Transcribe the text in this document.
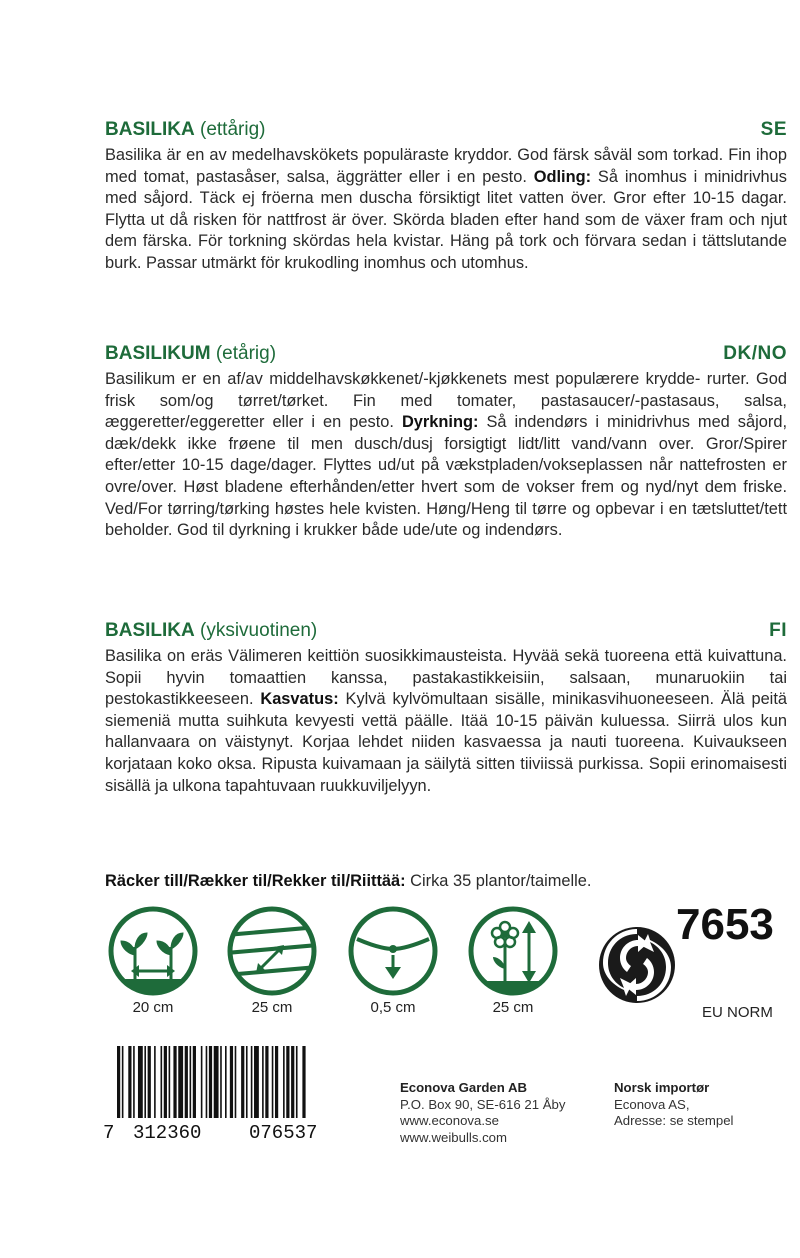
BASILIKA (ettårig)	SE
Basilika är en av medelhavskökets populäraste kryddor. God färsk såväl som torkad. Fin ihop med tomat, pastasåser, salsa, äggrätter eller i en pesto. Odling: Så inomhus i minidrivhus med såjord. Täck ej fröerna men duscha försiktigt litet vatten över. Gror efter 10-15 dagar. Flytta ut då risken för nattfrost är över. Skörda bladen efter hand som de växer fram och njut dem färska. För torkning skördas hela kvistar. Häng på tork och förvara sedan i tättslutande burk. Passar utmärkt för krukodling inomhus och utomhus.
BASILIKUM (etårig)	DK/NO
Basilikum er en af/av middelhavskøkkenet/-kjøkkenets mest populærere krydde- rurter. God frisk som/og tørret/tørket. Fin med tomater, pastasaucer/-pastasaus, salsa, æggeretter/eggeretter eller i en pesto. Dyrkning: Så indendørs i minidrivhus med såjord, dæk/dekk ikke frøene til men dusch/dusj forsigtigt lidt/litt vand/vann over. Gror/Spirer efter/etter 10-15 dage/dager. Flyttes ud/ut på vækstpladen/vokseplassen når nattefrosten er ovre/over. Høst bladene efterhånden/etter hvert som de vokser frem og nyd/nyt dem friske. Ved/For tørring/tørking høstes hele kvisten. Høng/Heng til tørre og opbevar i en tætsluttet/tett beholder. God til dyrkning i krukker både ude/ute og indendørs.
BASILIKA (yksivuotinen)	FI
Basilika on eräs Välimeren keittiön suosikkimausteista. Hyvää sekä tuoreena että kuivattuna. Sopii hyvin tomaattien kanssa, pastakastikkeisiin, salsaan, munaruokiin tai pestokastikkeeseen. Kasvatus: Kylvä kylvömultaan sisälle, minikasvihuoneeseen. Älä peitä siemeniä mutta suihkuta kevyesti vettä päälle. Itää 10-15 päivän kuluessa. Siirrä ulos kun hallanvaara on väistynyt. Korjaa lehdet niiden kasvaessa ja nauti tuoreena. Kuivaukseen korjataan koko oksa. Ripusta kuivamaan ja säilytä sitten tiiviissä purkissa. Sopii erinomaisesti sisällä ja ulkona tapahtuvaan ruukkuviljelyyn.
Räcker till/Rækker til/Rekker til/Riittää: Cirka 35 plantor/taimelle.
20 cm	25 cm	0,5 cm	25 cm
7653
EU NORM
7 312360	076537
Econova Garden AB
P.O. Box 90, SE-616 21 Åby
www.econova.se
www.weibulls.com
Norsk importør
Econova AS,
Adresse: se stempel
